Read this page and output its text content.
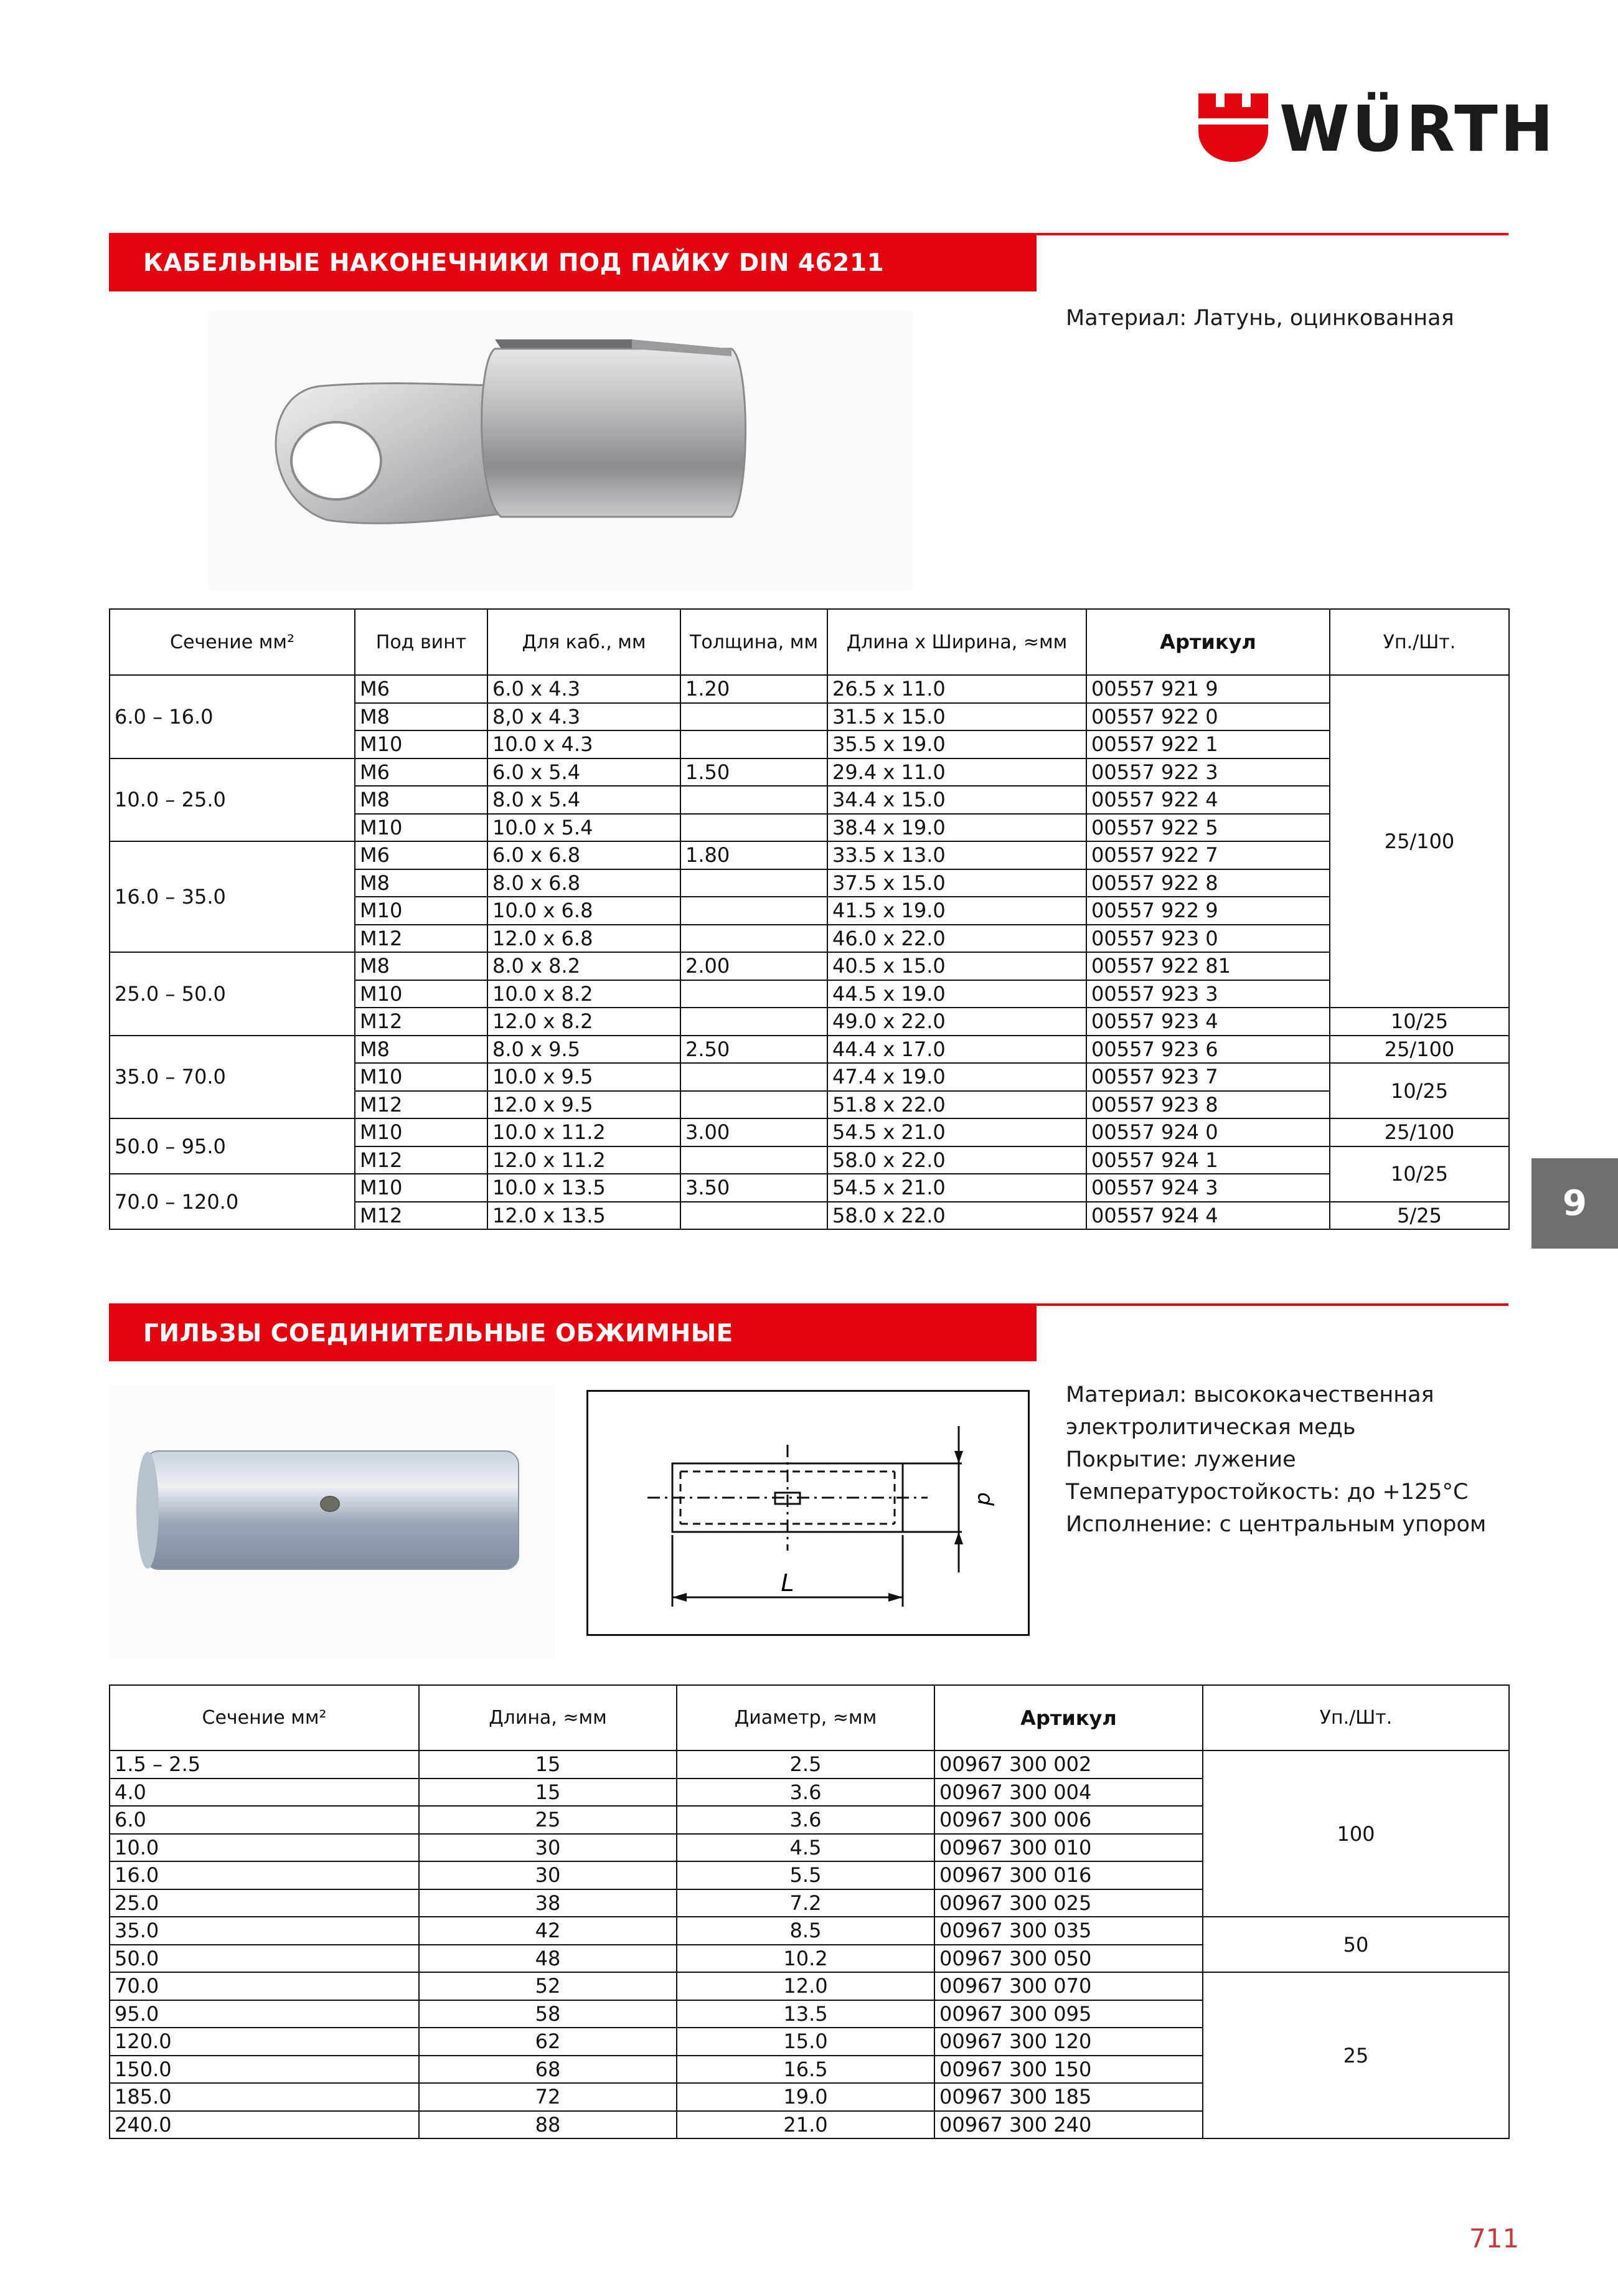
WÜRTH
КАБЕЛЬНЫЕ НАКОНЕЧНИКИ ПОД ПАЙКУ DIN 46211
Материал: Латунь, оцинкованная
Сечение мм²	Под винт	Для каб., мм	Толщина, мм	Длина х Ширина, ≈мм	Артикул	Уп./Шт.
6.0 – 16.0	M6	6.0 x 4.3	1.20	26.5 x 11.0	00557 921 9	25/100
	M8	8,0 x 4.3		31.5 x 15.0	00557 922 0	
	M10	10.0 x 4.3		35.5 x 19.0	00557 922 1	
10.0 – 25.0	M6	6.0 x 5.4	1.50	29.4 x 11.0	00557 922 3	
	M8	8.0 x 5.4		34.4 x 15.0	00557 922 4	
	M10	10.0 x 5.4		38.4 x 19.0	00557 922 5	
16.0 – 35.0	M6	6.0 x 6.8	1.80	33.5 x 13.0	00557 922 7	
	M8	8.0 x 6.8		37.5 x 15.0	00557 922 8	
	M10	10.0 x 6.8		41.5 x 19.0	00557 922 9	
	M12	12.0 x 6.8		46.0 x 22.0	00557 923 0	
25.0 – 50.0	M8	8.0 x 8.2	2.00	40.5 x 15.0	00557 922 81	
	M10	10.0 x 8.2		44.5 x 19.0	00557 923 3	
	M12	12.0 x 8.2		49.0 x 22.0	00557 923 4	10/25
35.0 – 70.0	M8	8.0 x 9.5	2.50	44.4 x 17.0	00557 923 6	25/100
	M10	10.0 x 9.5		47.4 x 19.0	00557 923 7	10/25
	M12	12.0 x 9.5		51.8 x 22.0	00557 923 8	
50.0 – 95.0	M10	10.0 x 11.2	3.00	54.5 x 21.0	00557 924 0	25/100
	M12	12.0 x 11.2		58.0 x 22.0	00557 924 1	10/25
70.0 – 120.0	M10	10.0 x 13.5	3.50	54.5 x 21.0	00557 924 3	
	M12	12.0 x 13.5		58.0 x 22.0	00557 924 4	5/25
ГИЛЬЗЫ СОЕДИНИТЕЛЬНЫЕ ОБЖИМНЫЕ
Материал: высококачественная
электролитическая медь
Покрытие: лужение
Температуростойкость: до +125°C
Исполнение: с центральным упором
d
L
Сечение мм²	Длина, ≈мм	Диаметр, ≈мм	Артикул	Уп./Шт.
1.5 – 2.5	15	2.5	00967 300 002	100
4.0	15	3.6	00967 300 004	
6.0	25	3.6	00967 300 006	
10.0	30	4.5	00967 300 010	
16.0	30	5.5	00967 300 016	
25.0	38	7.2	00967 300 025	
35.0	42	8.5	00967 300 035	50
50.0	48	10.2	00967 300 050	
70.0	52	12.0	00967 300 070	25
95.0	58	13.5	00967 300 095	
120.0	62	15.0	00967 300 120	
150.0	68	16.5	00967 300 150	
185.0	72	19.0	00967 300 185	
240.0	88	21.0	00967 300 240	
9
711
